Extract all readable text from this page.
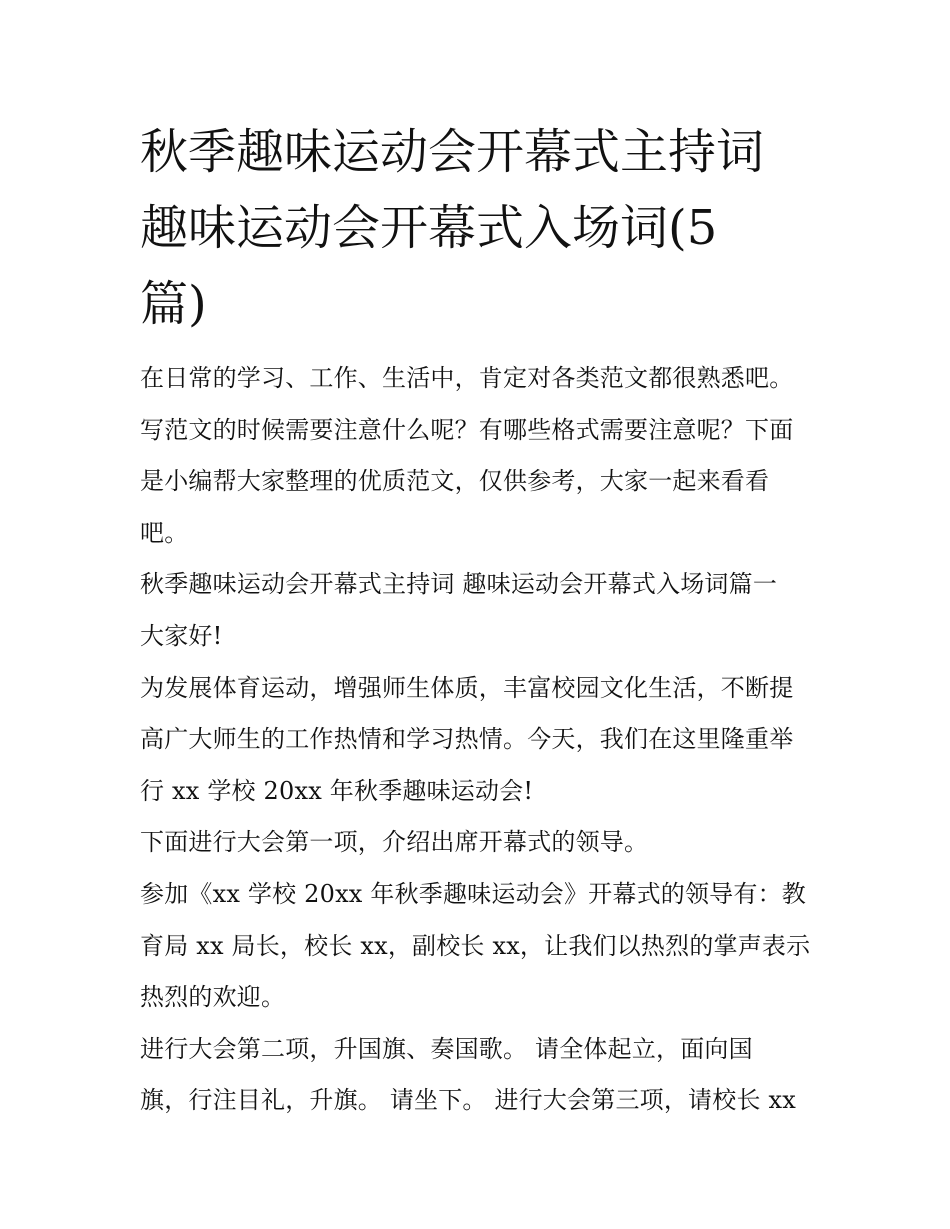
秋季趣味运动会开幕式主持词
趣味运动会开幕式入场词(5
篇)
在日常的学习、工作、生活中，肯定对各类范文都很熟悉吧。
写范文的时候需要注意什么呢？有哪些格式需要注意呢？下面
是小编帮大家整理的优质范文，仅供参考，大家一起来看看
吧。
秋季趣味运动会开幕式主持词 趣味运动会开幕式入场词篇一
大家好!
为发展体育运动，增强师生体质，丰富校园文化生活，不断提
高广大师生的工作热情和学习热情。今天，我们在这里隆重举
行 xx 学校 20xx 年秋季趣味运动会!
下面进行大会第一项，介绍出席开幕式的领导。
参加《xx 学校 20xx 年秋季趣味运动会》开幕式的领导有：教
育局 xx 局长，校长 xx，副校长 xx，让我们以热烈的掌声表示
热烈的欢迎。
进行大会第二项，升国旗、奏国歌。 请全体起立，面向国
旗，行注目礼，升旗。 请坐下。 进行大会第三项，请校长 xx
